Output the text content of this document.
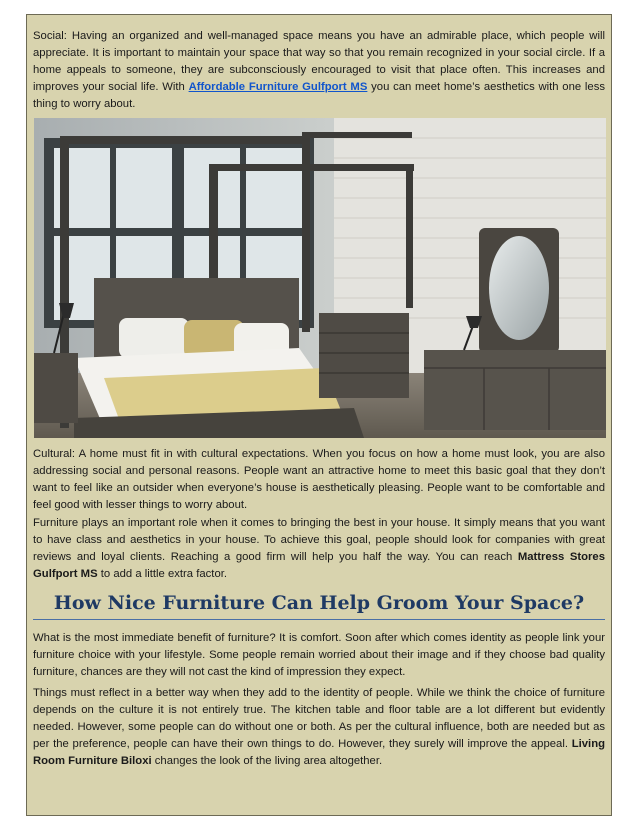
Social: Having an organized and well-managed space means you have an admirable place, which people will appreciate. It is important to maintain your space that way so that you remain recognized in your social circle. If a home appeals to someone, they are subconsciously encouraged to visit that place often. This increases and improves your social life. With Affordable Furniture Gulfport MS you can meet home’s aesthetics with one less thing to worry about.

Cultural: A home must fit in with cultural expectations. When you focus on how a home must look, you are also addressing social and personal reasons. People want an attractive home to meet this basic goal that they don’t want to feel like an outsider when everyone’s house is aesthetically pleasing. People want to be comfortable and feel good with lesser things to worry about.

Furniture plays an important role when it comes to bringing the best in your house. It simply means that you want to have class and aesthetics in your house. To achieve this goal, people should look for companies with great reviews and loyal clients. Reaching a good firm will help you half the way. You can reach Mattress Stores Gulfport MS to add a little extra factor.

How Nice Furniture Can Help Groom Your Space?

What is the most immediate benefit of furniture? It is comfort. Soon after which comes identity as people link your furniture choice with your lifestyle. Some people remain worried about their image and if they choose bad quality furniture, chances are they will not cast the kind of impression they expect.

Things must reflect in a better way when they add to the identity of people. While we think the choice of furniture depends on the culture it is not entirely true. The kitchen table and floor table are a lot different but evidently needed. However, some people can do without one or both. As per the cultural influence, both are needed but as per the preference, people can have their own things to do. However, they surely will improve the appeal. Living Room Furniture Biloxi changes the look of the living area altogether.
